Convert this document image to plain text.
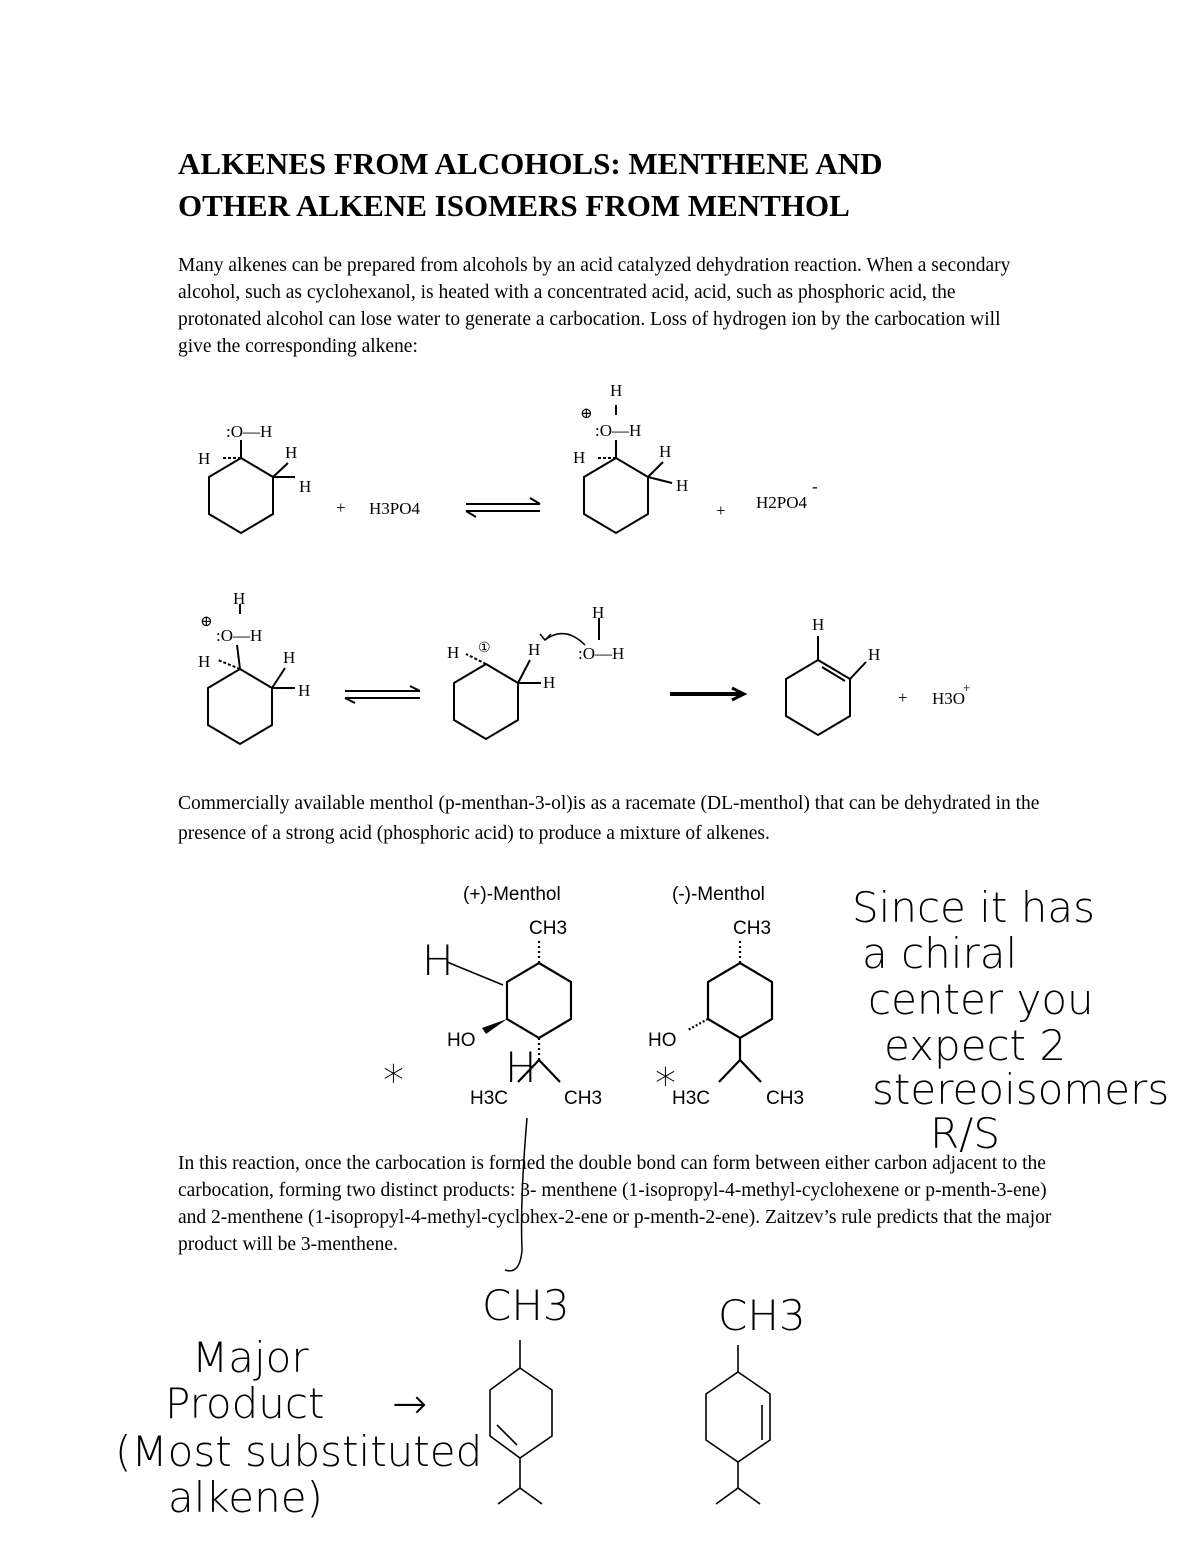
ALKENES FROM ALCOHOLS: MENTHENE AND
OTHER ALKENE ISOMERS FROM MENTHOL
Many alkenes can be prepared from alcohols by an acid catalyzed dehydration reaction. When a secondary alcohol, such as cyclohexanol, is heated with a concentrated acid, acid, such as phosphoric acid, the protonated alcohol can lose water to generate a carbocation. Loss of hydrogen ion by the carbocation will give the corresponding alkene:
Commercially available menthol (p-menthan-3-ol)is as a racemate (DL-menthol) that can be dehydrated in the presence of a strong acid (phosphoric acid) to produce a mixture of alkenes.
In this reaction, once the carbocation is formed the double bond can form between either carbon adjacent to the carbocation, forming two distinct products: 3- menthene (1-isopropyl-4-methyl-cyclohexene or p-menth-3-ene) and 2-menthene (1-isopropyl-4-methyl-cyclohex-2-ene or p-menth-2-ene). Zaitzev’s rule predicts that the major product will be 3-menthene.
:O—H
H	H
H
+ H3PO4
H
⊕
:O—H
H	H
H
+ H2PO4
-
H
⊕
:O—H
H	H
H
H ① H
H
H
:O—H
H
H
+ H3O
+
(+)-Menthol	(-)-Menthol
CH3	CH3
HO	HO
H3C	CH3	H3C	CH3
Since it has
a chiral
center you
expect 2
stereoisomers
R/S
H
H
*	*
CH3	CH3
Major
Product →
(Most substituted
alkene)
